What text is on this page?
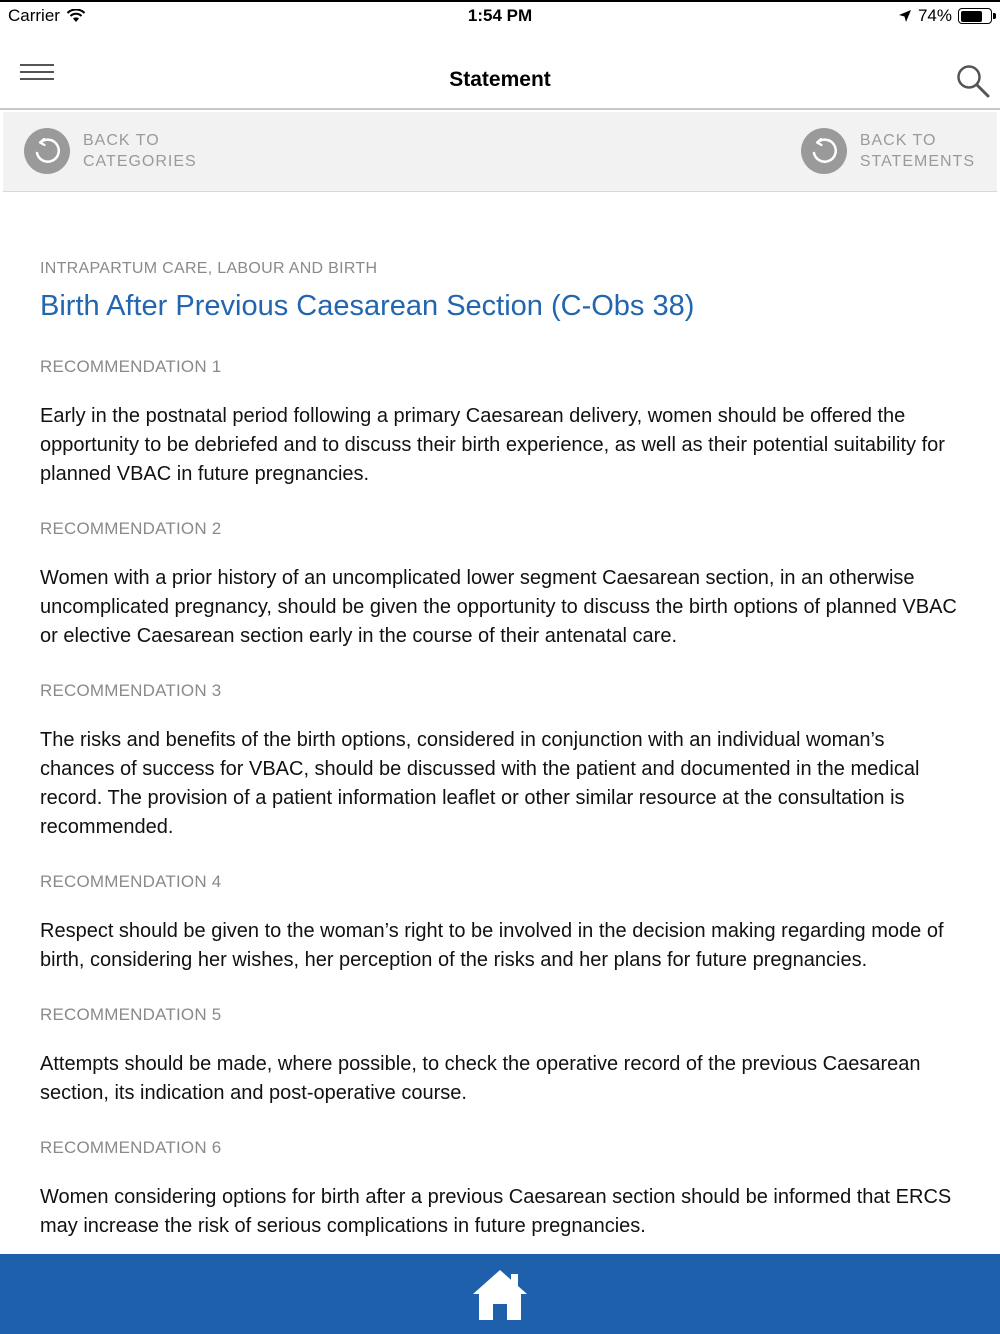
Carrier	1:54 PM	74%
Statement
BACK TO
CATEGORIES
BACK TO
STATEMENTS
INTRAPARTUM CARE, LABOUR AND BIRTH
Birth After Previous Caesarean Section (C-Obs 38)
RECOMMENDATION 1

Early in the postnatal period following a primary Caesarean delivery, women should be offered the opportunity to be debriefed and to discuss their birth experience, as well as their potential suitability for planned VBAC in future pregnancies.

RECOMMENDATION 2

Women with a prior history of an uncomplicated lower segment Caesarean section, in an otherwise uncomplicated pregnancy, should be given the opportunity to discuss the birth options of planned VBAC or elective Caesarean section early in the course of their antenatal care.

RECOMMENDATION 3

The risks and benefits of the birth options, considered in conjunction with an individual woman’s chances of success for VBAC, should be discussed with the patient and documented in the medical record. The provision of a patient information leaflet or other similar resource at the consultation is recommended.

RECOMMENDATION 4

Respect should be given to the woman’s right to be involved in the decision making regarding mode of birth, considering her wishes, her perception of the risks and her plans for future pregnancies.

RECOMMENDATION 5

Attempts should be made, where possible, to check the operative record of the previous Caesarean section, its indication and post-operative course.

RECOMMENDATION 6

Women considering options for birth after a previous Caesarean section should be informed that ERCS may increase the risk of serious complications in future pregnancies.
